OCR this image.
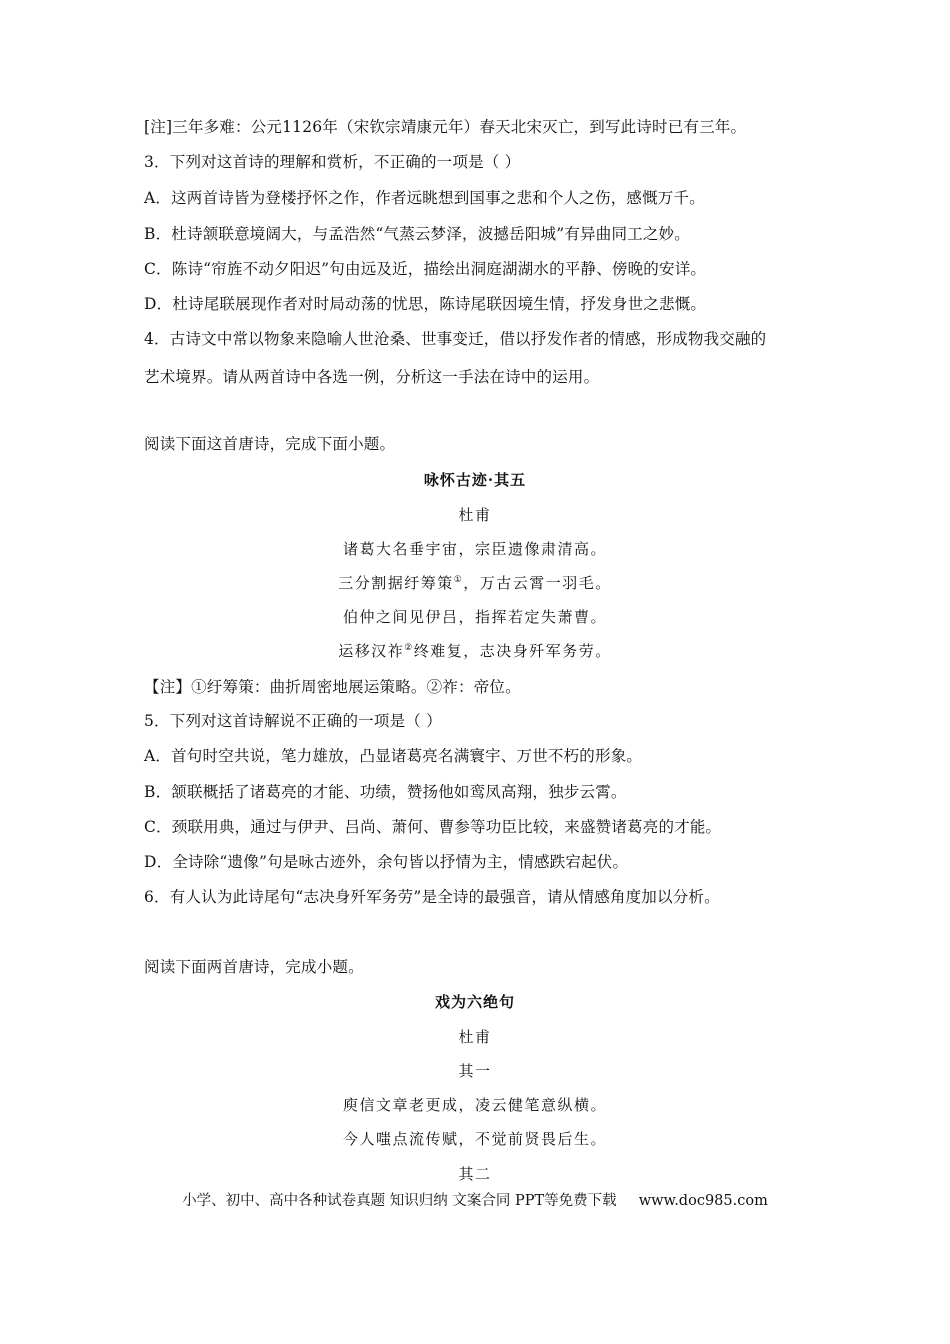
[注]三年多难：公元1126年（宋钦宗靖康元年）春天北宋灭亡，到写此诗时已有三年。
3．下列对这首诗的理解和赏析，不正确的一项是（ ）
A．这两首诗皆为登楼抒怀之作，作者远眺想到国事之悲和个人之伤，感慨万千。
B．杜诗颔联意境阔大，与孟浩然“气蒸云梦泽，波撼岳阳城”有异曲同工之妙。
C．陈诗“帘旌不动夕阳迟”句由远及近，描绘出洞庭湖湖水的平静、傍晚的安详。
D．杜诗尾联展现作者对时局动荡的忧思，陈诗尾联因境生情，抒发身世之悲慨。
4．古诗文中常以物象来隐喻人世沧桑、世事变迁，借以抒发作者的情感，形成物我交融的
艺术境界。请从两首诗中各选一例，分析这一手法在诗中的运用。
阅读下面这首唐诗，完成下面小题。
咏怀古迹·其五
杜甫
诸葛大名垂宇宙，宗臣遗像肃清高。
三分割据纡筹策①，万古云霄一羽毛。
伯仲之间见伊吕，指挥若定失萧曹。
运移汉祚②终难复，志决身歼军务劳。
【注】①纡筹策：曲折周密地展运策略。②祚：帝位。
5．下列对这首诗解说不正确的一项是（ ）
A．首句时空共说，笔力雄放，凸显诸葛亮名满寰宇、万世不朽的形象。
B．颔联概括了诸葛亮的才能、功绩，赞扬他如鸾凤高翔，独步云霄。
C．颈联用典，通过与伊尹、吕尚、萧何、曹参等功臣比较，来盛赞诸葛亮的才能。
D．全诗除“遗像”句是咏古迹外，余句皆以抒情为主，情感跌宕起伏。
6．有人认为此诗尾句“志决身歼军务劳”是全诗的最强音，请从情感角度加以分析。
阅读下面两首唐诗，完成小题。
戏为六绝句
杜甫
其一
庾信文章老更成，凌云健笔意纵横。
今人嗤点流传赋，不觉前贤畏后生。
其二
小学、初中、高中各种试卷真题 知识归纳 文案合同 PPT等免费下载 www.doc985.com
